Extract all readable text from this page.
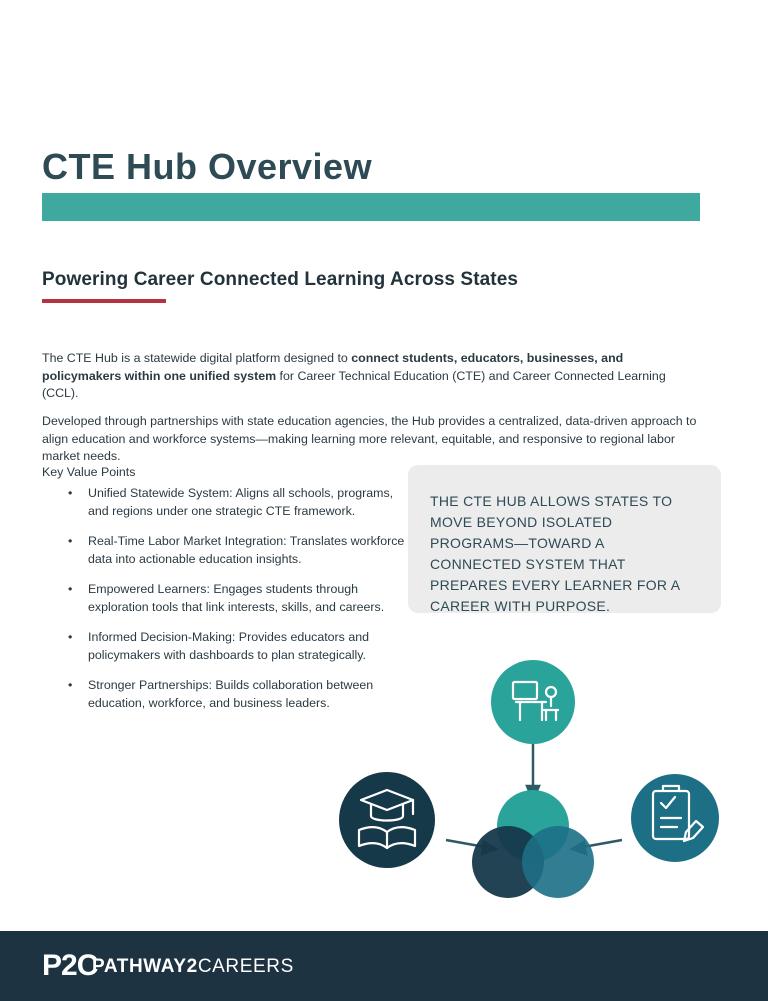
CTE Hub Overview
Powering Career Connected Learning Across States

The CTE Hub is a statewide digital platform designed to connect students, educators, businesses, and policymakers within one unified system for Career Technical Education (CTE) and Career Connected Learning (CCL).

Developed through partnerships with state education agencies, the Hub provides a centralized, data-driven approach to align education and workforce systems—making learning more relevant, equitable, and responsive to regional labor market needs.

Key Value Points
• Unified Statewide System: Aligns all schools, programs, and regions under one strategic CTE framework.
• Real-Time Labor Market Integration: Translates workforce data into actionable education insights.
• Empowered Learners: Engages students through exploration tools that link interests, skills, and careers.
• Informed Decision-Making: Provides educators and policymakers with dashboards to plan strategically.
• Stronger Partnerships: Builds collaboration between education, workforce, and business leaders.
THE CTE HUB ALLOWS STATES TO MOVE BEYOND ISOLATED PROGRAMS—TOWARD A CONNECTED SYSTEM THAT PREPARES EVERY LEARNER FOR A CAREER WITH PURPOSE.
P2C
PATHWAY2CAREERS
